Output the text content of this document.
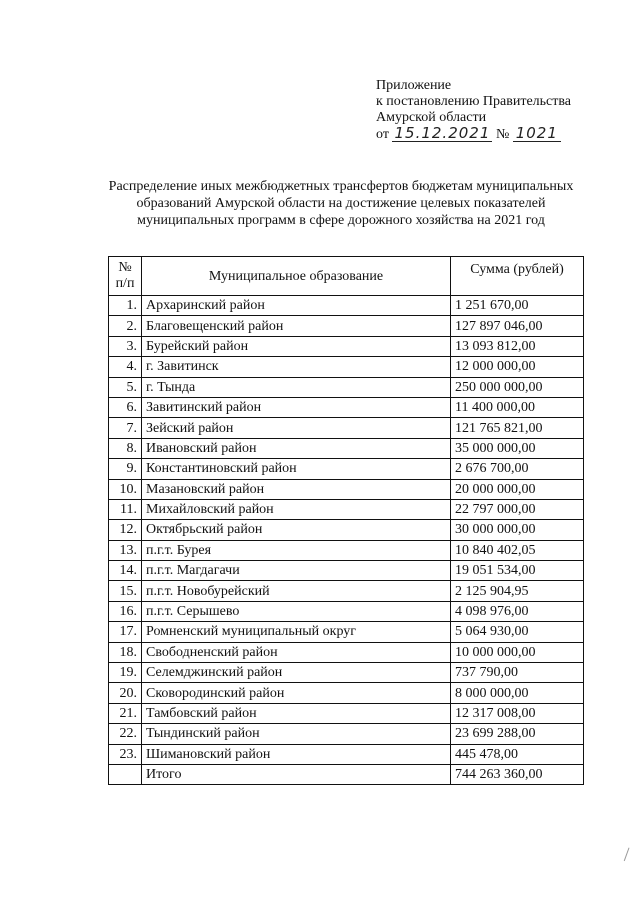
Приложение
к постановлению Правительства
Амурской области
от 15.12.2021 № 1021
Распределение иных межбюджетных трансфертов бюджетам муниципальных
образований Амурской области на достижение целевых показателей
муниципальных программ в сфере дорожного хозяйства на 2021 год
№
п/п	Муниципальное образование	Сумма (рублей)
1.	Архаринский район	1 251 670,00
2.	Благовещенский район	127 897 046,00
3.	Бурейский район	13 093 812,00
4.	г. Завитинск	12 000 000,00
5.	г. Тында	250 000 000,00
6.	Завитинский район	11 400 000,00
7.	Зейский район	121 765 821,00
8.	Ивановский район	35 000 000,00
9.	Константиновский район	2 676 700,00
10.	Мазановский район	20 000 000,00
11.	Михайловский район	22 797 000,00
12.	Октябрьский район	30 000 000,00
13.	п.г.т. Бурея	10 840 402,05
14.	п.г.т. Магдагачи	19 051 534,00
15.	п.г.т. Новобурейский	2 125 904,95
16.	п.г.т. Серышево	4 098 976,00
17.	Ромненский муниципальный округ	5 064 930,00
18.	Свободненский район	10 000 000,00
19.	Селемджинский район	737 790,00
20.	Сковородинский район	8 000 000,00
21.	Тамбовский район	12 317 008,00
22.	Тындинский район	23 699 288,00
23.	Шимановский район	445 478,00
	Итого	744 263 360,00
